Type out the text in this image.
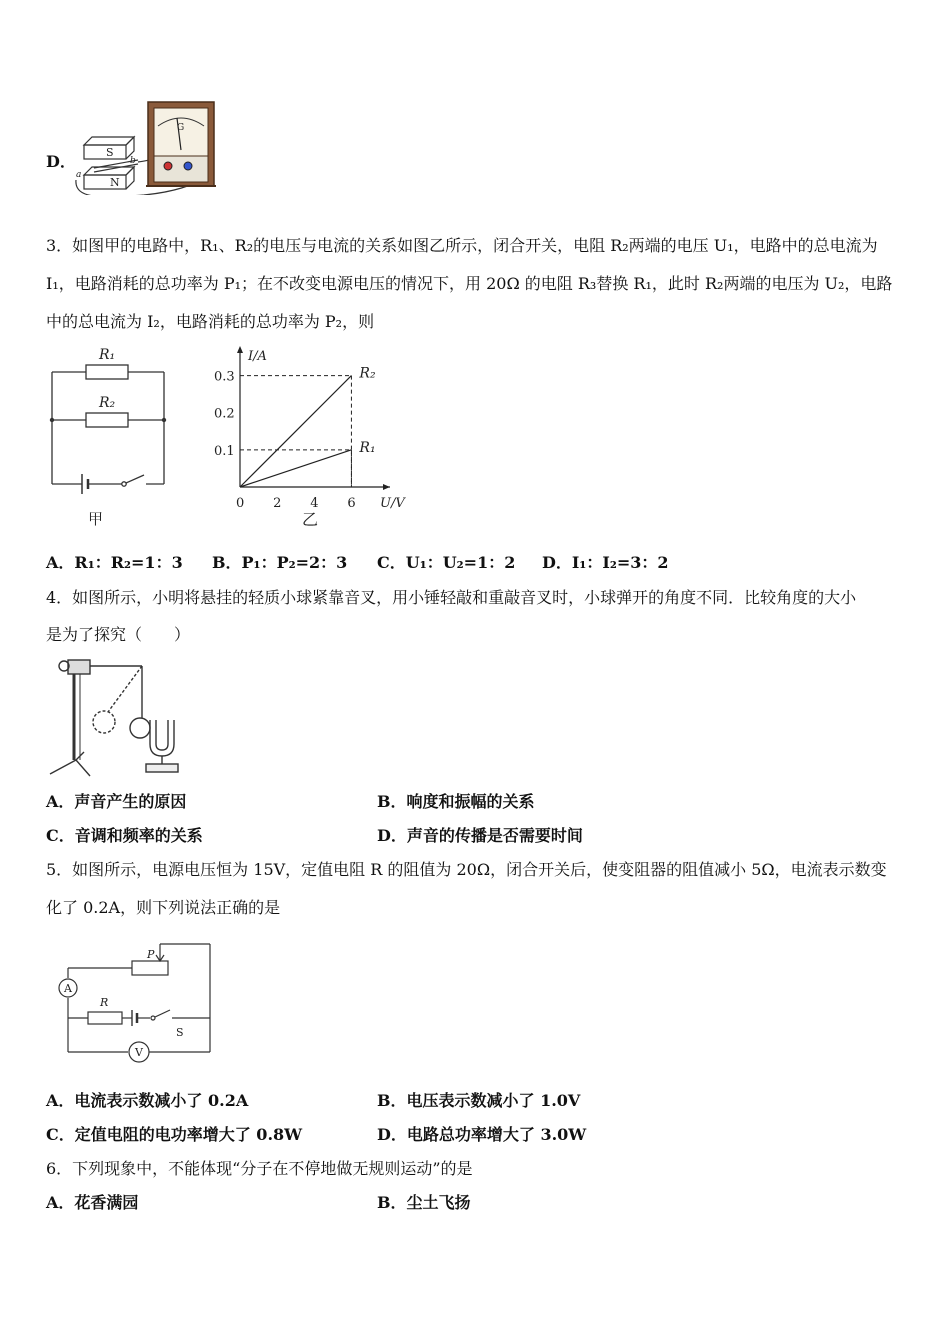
D．	S
N
a
b
G
3．如图甲的电路中，R₁、R₂的电压与电流的关系如图乙所示，闭合开关，电阻 R₂两端的电压 U₁，电路中的总电流为
I₁，电路消耗的总功率为 P₁；在不改变电源电压的情况下，用 20Ω 的电阻 R₃替换 R₁，此时 R₂两端的电压为 U₂，电路
中的总电流为 I₂，电路消耗的总功率为 P₂，则
R₁
R₂
甲
I/A
U/V
0 2 4 6
0.1
0.2
0.3	R₂
R₁
乙
A．R₁：R₂=1：3 B．P₁：P₂=2：3 C．U₁：U₂=1：2 D．I₁：I₂=3：2
4．如图所示，小明将悬挂的轻质小球紧靠音叉，用小锤轻敲和重敲音叉时，小球弹开的角度不同．比较角度的大小
是为了探究（　　）
A．声音产生的原因	B．响度和振幅的关系
C．音调和频率的关系	D．声音的传播是否需要时间
5．如图所示，电源电压恒为 15V，定值电阻 R 的阻值为 20Ω，闭合开关后，使变阻器的阻值减小 5Ω，电流表示数变
化了 0.2A，则下列说法正确的是
P
R
S
A
V
A．电流表示数减小了 0.2A	B．电压表示数减小了 1.0V
C．定值电阻的电功率增大了 0.8W	D．电路总功率增大了 3.0W
6．下列现象中，不能体现“分子在不停地做无规则运动”的是
A．花香满园	B．尘土飞扬
